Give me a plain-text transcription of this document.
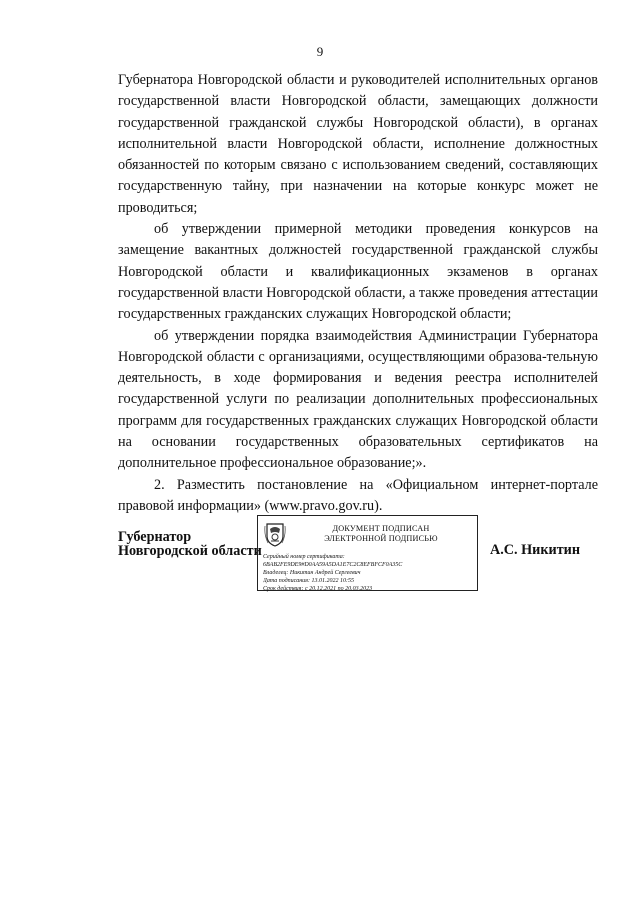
9

Губернатора Новгородской области и руководителей исполнительных органов государственной власти Новгородской области, замещающих должности государственной гражданской службы Новгородской области), в органах исполнительной власти Новгородской области, исполнение должностных обязанностей по которым связано с использованием сведений, составляющих государственную тайну, при назначении на которые конкурс может не проводиться;

об утверждении примерной методики проведения конкурсов на замещение вакантных должностей государственной гражданской службы Новгородской области и квалификационных экзаменов в органах государственной власти Новгородской области, а также проведения аттестации государственных гражданских служащих Новгородской области;

об утверждении порядка взаимодействия Администрации Губернатора Новгородской области с организациями, осуществляющими образова-тельную деятельность, в ходе формирования и ведения реестра исполнителей государственной услуги по реализации дополнительных профессиональных программ для государственных гражданских служащих Новгородской области на основании государственных образовательных сертификатов на дополнительное профессиональное образование;».

2. Разместить постановление на «Официальном интернет-портале правовой информации» (www.pravo.gov.ru).

Губернатор
Новгородской области
ДОКУМЕНТ ПОДПИСАН
ЭЛЕКТРОННОЙ ПОДПИСЬЮ
Серийный номер сертификата:
6BAB2FE9DE9#D0AA59A5DA1E7C2C8EFBFCF0A35C
Владелец: Никитин Андрей Сергеевич
Дата подписания: 13.01.2022 10:55
Срок действия: с 20.12.2021 по 20.03.2023
А.С. Никитин
